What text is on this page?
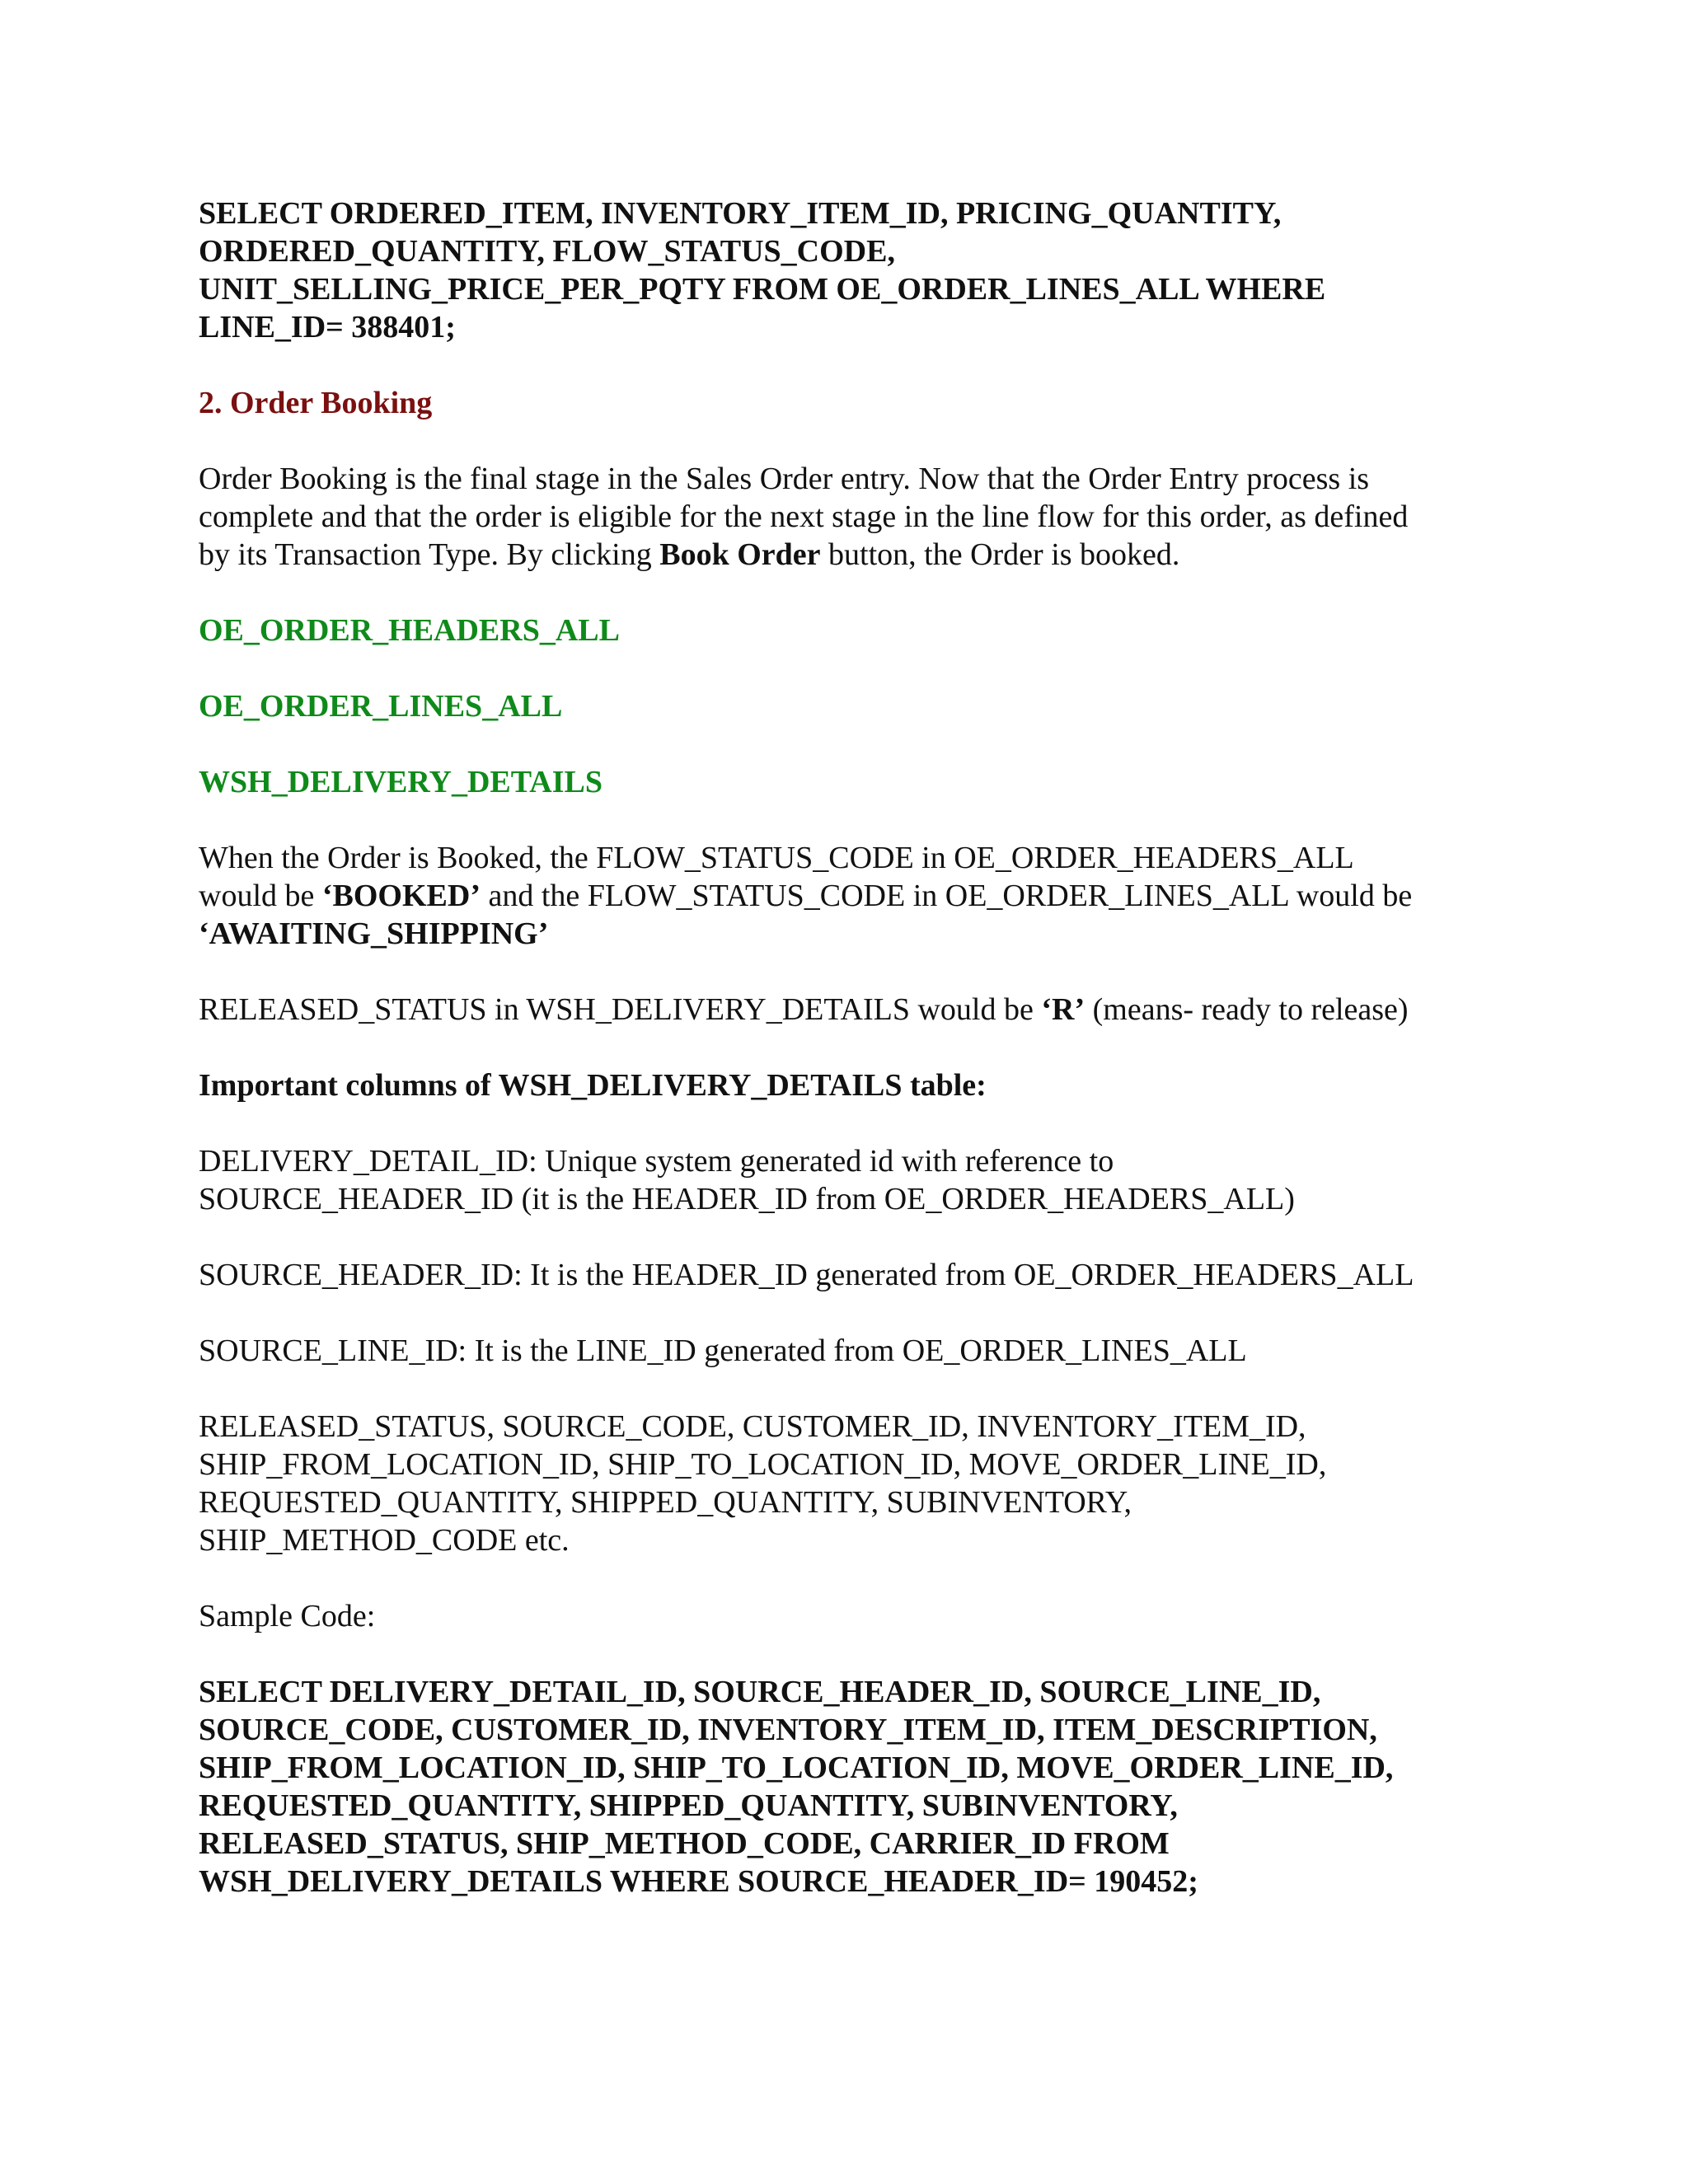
SELECT ORDERED_ITEM, INVENTORY_ITEM_ID, PRICING_QUANTITY,
ORDERED_QUANTITY, FLOW_STATUS_CODE,
UNIT_SELLING_PRICE_PER_PQTY FROM OE_ORDER_LINES_ALL WHERE
LINE_ID= 388401;

2. Order Booking

Order Booking is the final stage in the Sales Order entry. Now that the Order Entry process is
complete and that the order is eligible for the next stage in the line flow for this order, as defined
by its Transaction Type. By clicking Book Order button, the Order is booked.

OE_ORDER_HEADERS_ALL

OE_ORDER_LINES_ALL

WSH_DELIVERY_DETAILS

When the Order is Booked, the FLOW_STATUS_CODE in OE_ORDER_HEADERS_ALL
would be ‘BOOKED’ and the FLOW_STATUS_CODE in OE_ORDER_LINES_ALL would be
‘AWAITING_SHIPPING’

RELEASED_STATUS in WSH_DELIVERY_DETAILS would be ‘R’ (means- ready to release)

Important columns of WSH_DELIVERY_DETAILS table:

DELIVERY_DETAIL_ID: Unique system generated id with reference to
SOURCE_HEADER_ID (it is the HEADER_ID from OE_ORDER_HEADERS_ALL)

SOURCE_HEADER_ID: It is the HEADER_ID generated from OE_ORDER_HEADERS_ALL

SOURCE_LINE_ID: It is the LINE_ID generated from OE_ORDER_LINES_ALL

RELEASED_STATUS, SOURCE_CODE, CUSTOMER_ID, INVENTORY_ITEM_ID,
SHIP_FROM_LOCATION_ID, SHIP_TO_LOCATION_ID, MOVE_ORDER_LINE_ID,
REQUESTED_QUANTITY, SHIPPED_QUANTITY, SUBINVENTORY,
SHIP_METHOD_CODE etc.

Sample Code:

SELECT DELIVERY_DETAIL_ID, SOURCE_HEADER_ID, SOURCE_LINE_ID,
SOURCE_CODE, CUSTOMER_ID, INVENTORY_ITEM_ID, ITEM_DESCRIPTION,
SHIP_FROM_LOCATION_ID, SHIP_TO_LOCATION_ID, MOVE_ORDER_LINE_ID,
REQUESTED_QUANTITY, SHIPPED_QUANTITY, SUBINVENTORY,
RELEASED_STATUS, SHIP_METHOD_CODE, CARRIER_ID FROM
WSH_DELIVERY_DETAILS WHERE SOURCE_HEADER_ID= 190452;
